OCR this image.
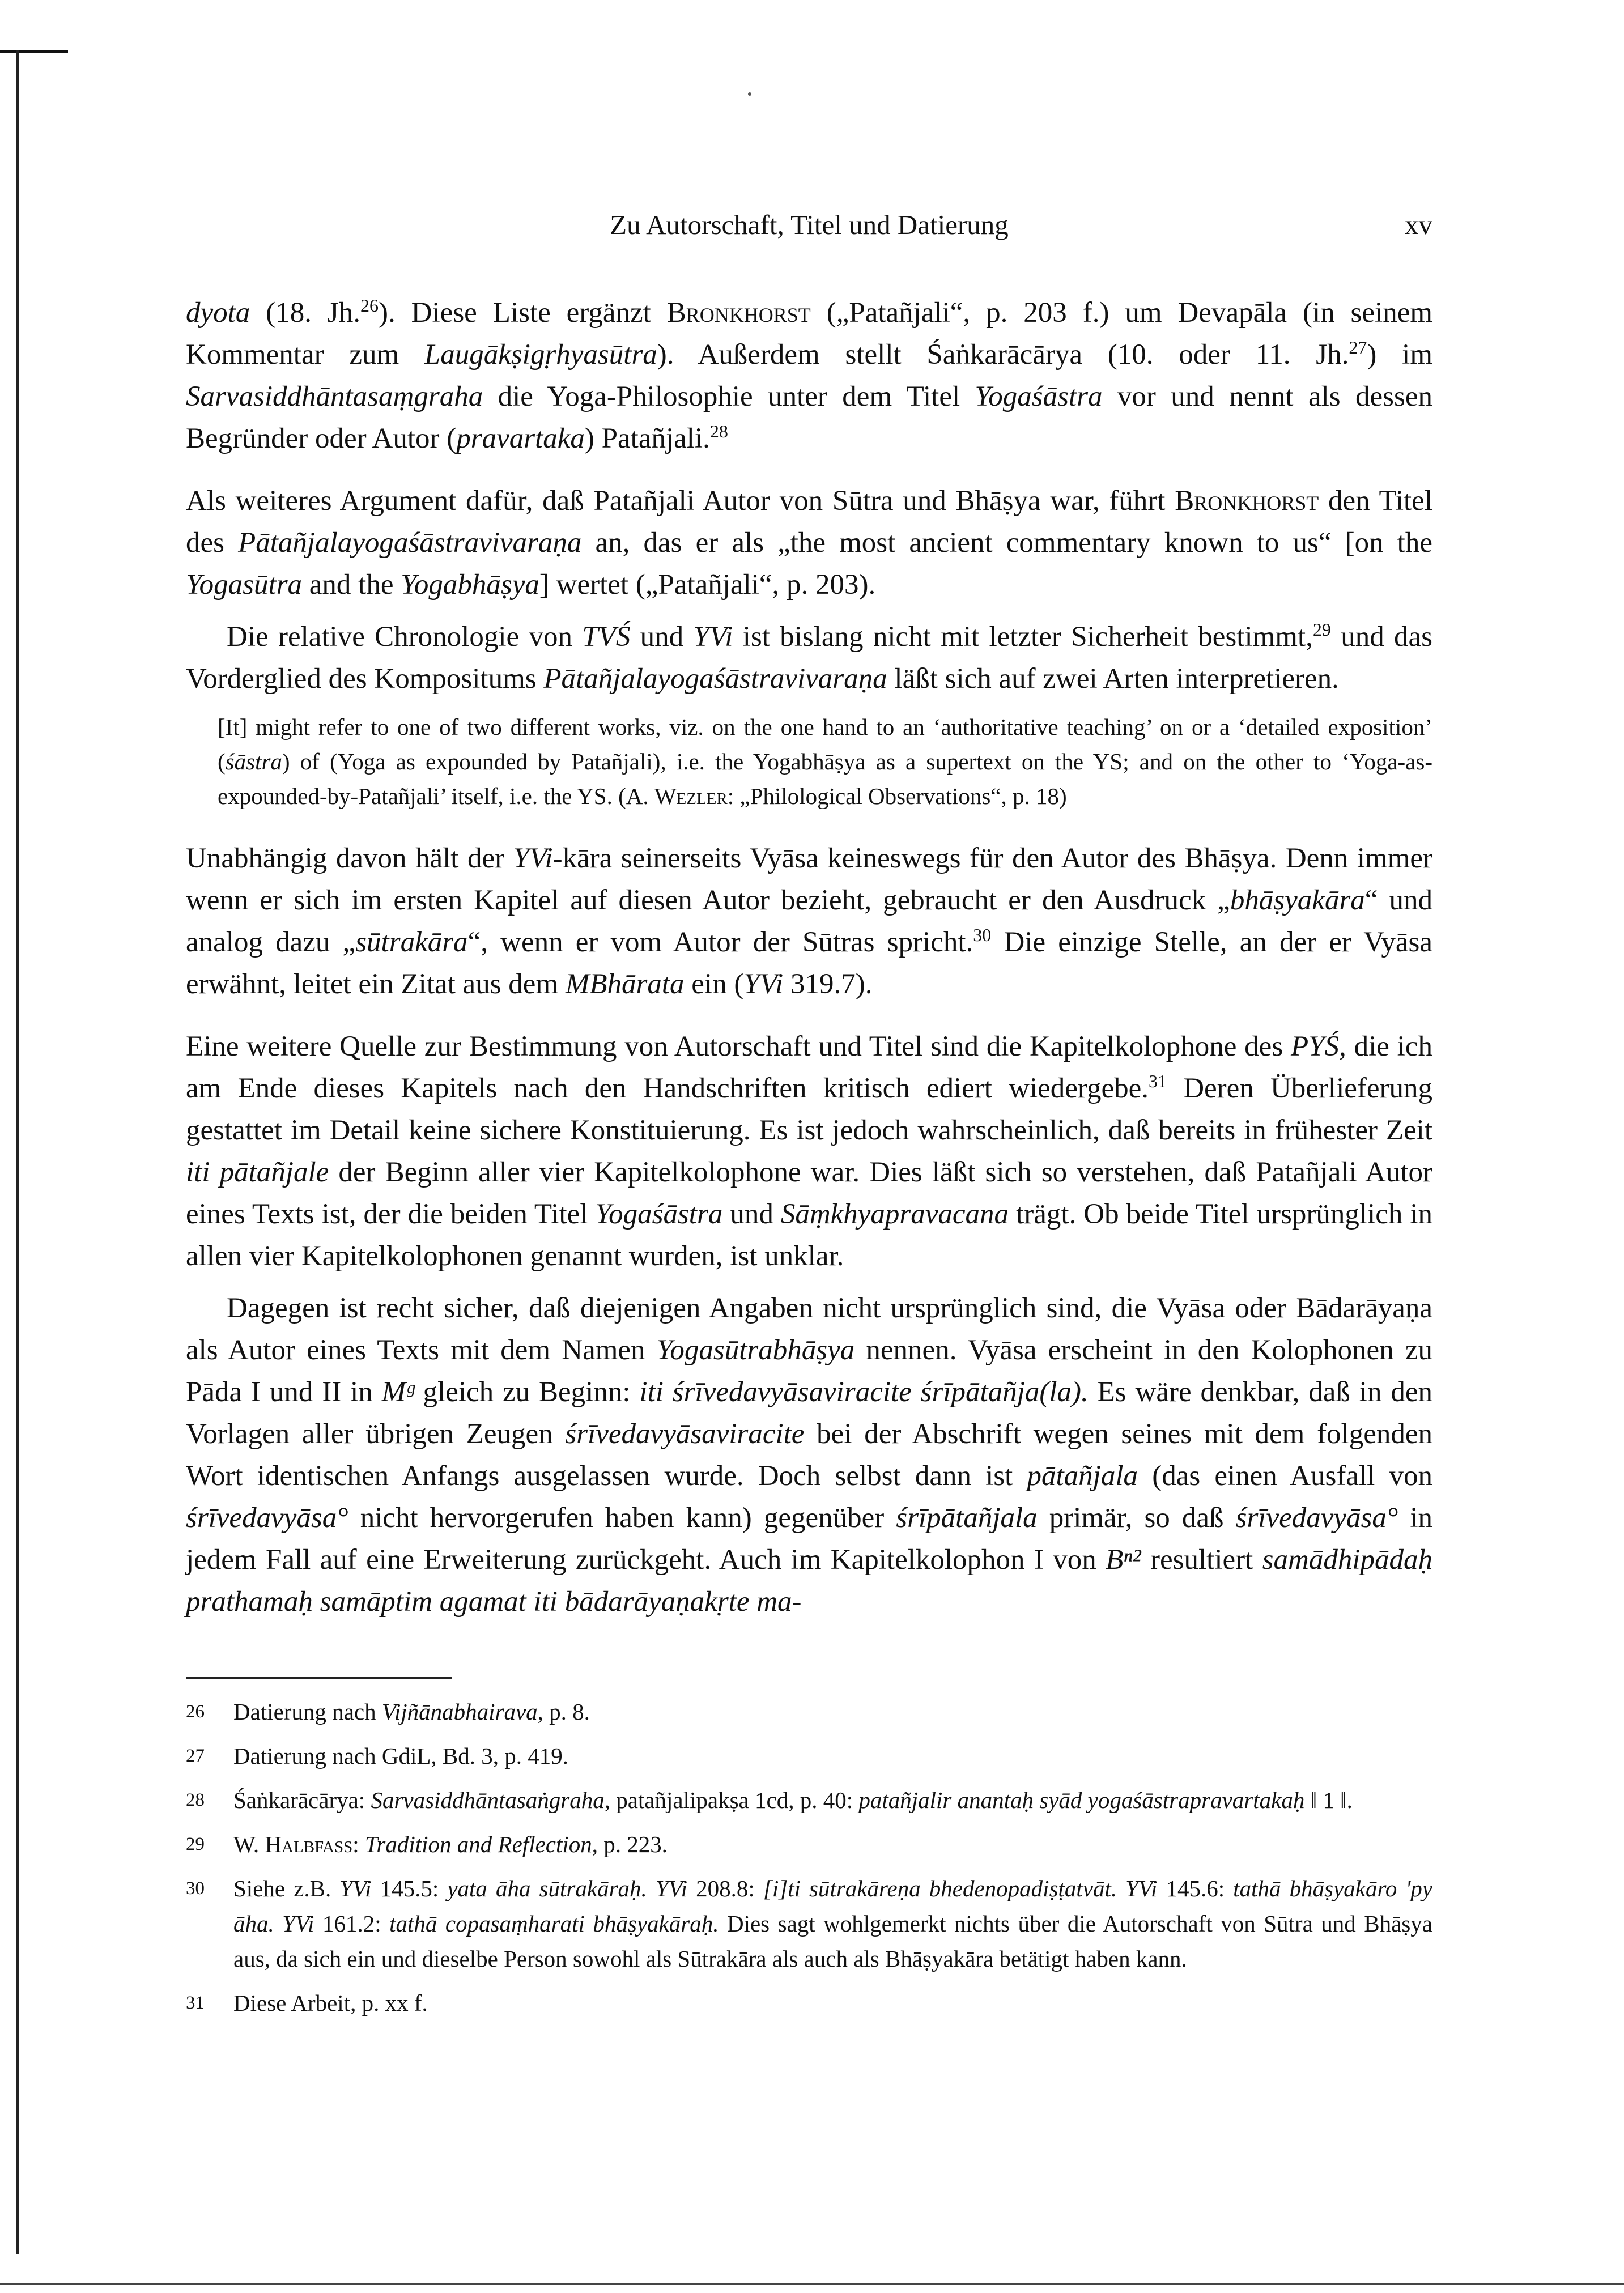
Zu Autorschaft, Titel und Datierung	xv

dyota (18. Jh.$^{26}$). Diese Liste ergänzt Bronkhorst („Patañjali“, p. 203 f.) um Devapāla (in seinem Kommentar zum Laugākṣigṛhyasūtra). Außerdem stellt Śaṅkarācārya (10. oder 11. Jh.$^{27}$) im Sarvasiddhāntasaṃgraha die Yoga-Philosophie unter dem Titel Yogaśāstra vor und nennt als dessen Begründer oder Autor (pravartaka) Patañjali.$^{28}$

Als weiteres Argument dafür, daß Patañjali Autor von Sūtra und Bhāṣya war, führt Bronkhorst den Titel des Pātañjalayogaśāstravivaraṇa an, das er als „the most ancient commentary known to us“ [on the Yogasūtra and the Yogabhāṣya] wertet („Patañjali“, p. 203).

Die relative Chronologie von TVŚ und YVi ist bislang nicht mit letzter Sicherheit bestimmt,$^{29}$ und das Vorderglied des Kompositums Pātañjalayogaśāstravivaraṇa läßt sich auf zwei Arten interpretieren.

[It] might refer to one of two different works, viz. on the one hand to an ‘authoritative teaching’ on or a ‘detailed exposition’ (śāstra) of (Yoga as expounded by Patañjali), i.e. the Yogabhāṣya as a supertext on the YS; and on the other to ‘Yoga-as-expounded-by-Patañjali’ itself, i.e. the YS. (A. Wezler: „Philological Observations“, p. 18)

Unabhängig davon hält der YVi-kāra seinerseits Vyāsa keineswegs für den Autor des Bhāṣya. Denn immer wenn er sich im ersten Kapitel auf diesen Autor bezieht, gebraucht er den Ausdruck „bhāṣyakāra“ und analog dazu „sūtrakāra“, wenn er vom Autor der Sūtras spricht.$^{30}$ Die einzige Stelle, an der er Vyāsa erwähnt, leitet ein Zitat aus dem MBhārata ein (YVi 319.7).

Eine weitere Quelle zur Bestimmung von Autorschaft und Titel sind die Kapitelkolophone des PYŚ, die ich am Ende dieses Kapitels nach den Handschriften kritisch ediert wiedergebe.$^{31}$ Deren Überlieferung gestattet im Detail keine sichere Konstituierung. Es ist jedoch wahrscheinlich, daß bereits in frühester Zeit iti pātañjale der Beginn aller vier Kapitelkolophone war. Dies läßt sich so verstehen, daß Patañjali Autor eines Texts ist, der die beiden Titel Yogaśāstra und Sāṃkhyapravacana trägt. Ob beide Titel ursprünglich in allen vier Kapitelkolophonen genannt wurden, ist unklar.

Dagegen ist recht sicher, daß diejenigen Angaben nicht ursprünglich sind, die Vyāsa oder Bādarāyaṇa als Autor eines Texts mit dem Namen Yogasūtrabhāṣya nennen. Vyāsa erscheint in den Kolophonen zu Pāda I und II in Mᵍ gleich zu Beginn: iti śrīvedavyāsaviracite śrīpātañja(la). Es wäre denkbar, daß in den Vorlagen aller übrigen Zeugen śrīvedavyāsaviracite bei der Abschrift wegen seines mit dem folgenden Wort identischen Anfangs ausgelassen wurde. Doch selbst dann ist pātañjala (das einen Ausfall von śrīvedavyāsa° nicht hervorgerufen haben kann) gegenüber śrīpātañjala primär, so daß śrīvedavyāsa° in jedem Fall auf eine Erweiterung zurückgeht. Auch im Kapitelkolophon I von Bⁿ² resultiert samādhipādaḥ prathamaḥ samāptim agamat iti bādarāyaṇakṛte ma-

26	Datierung nach Vijñānabhairava, p. 8.
27	Datierung nach GdiL, Bd. 3, p. 419.
28	Śaṅkarācārya: Sarvasiddhāntasaṅgraha, patañjalipakṣa 1cd, p. 40: patañjalir anantaḥ syād yogaśāstrapravartakaḥ ‖ 1 ‖.
29	W. Halbfass: Tradition and Reflection, p. 223.
30	Siehe z.B. YVi 145.5: yata āha sūtrakāraḥ. YVi 208.8: [i]ti sūtrakāreṇa bhedenopadiṣṭatvāt. YVi 145.6: tathā bhāṣyakāro 'py āha. YVi 161.2: tathā copasaṃharati bhāṣyakāraḥ. Dies sagt wohlgemerkt nichts über die Autorschaft von Sūtra und Bhāṣya aus, da sich ein und dieselbe Person sowohl als Sūtrakāra als auch als Bhāṣyakāra betätigt haben kann.
31	Diese Arbeit, p. xx f.
